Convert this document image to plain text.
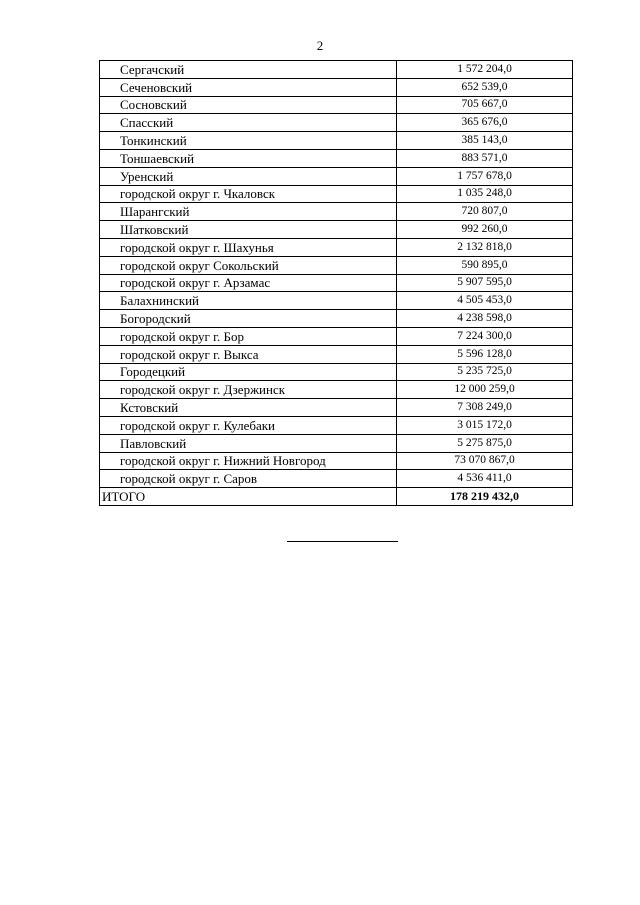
2
Сергачский	1 572 204,0
Сеченовский	652 539,0
Сосновский	705 667,0
Спасский	365 676,0
Тонкинский	385 143,0
Тоншаевский	883 571,0
Уренский	1 757 678,0
городской округ г. Чкаловск	1 035 248,0
Шарангский	720 807,0
Шатковский	992 260,0
городской округ г. Шахунья	2 132 818,0
городской округ Сокольский	590 895,0
городской округ г. Арзамас	5 907 595,0
Балахнинский	4 505 453,0
Богородский	4 238 598,0
городской округ г. Бор	7 224 300,0
городской округ г. Выкса	5 596 128,0
Городецкий	5 235 725,0
городской округ г. Дзержинск	12 000 259,0
Кстовский	7 308 249,0
городской округ г. Кулебаки	3 015 172,0
Павловский	5 275 875,0
городской округ г. Нижний Новгород	73 070 867,0
городской округ г. Саров	4 536 411,0
ИТОГО	178 219 432,0
